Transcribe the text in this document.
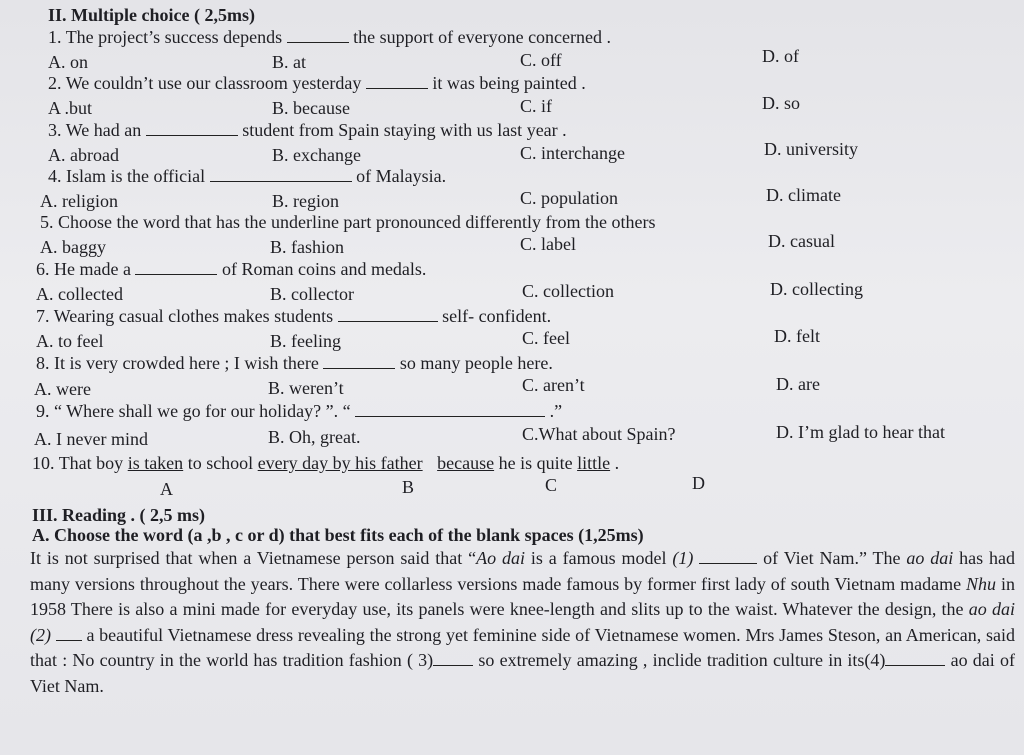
II. Multiple choice ( 2,5ms)
1. The project’s success depends	the support of everyone concerned .
A. on	B. at	C. off	D. of
2. We couldn’t use our classroom yesterday	it was being painted .
A .but	B. because	C. if	D. so
3. We had an	student from Spain staying with us last year .
A. abroad	B. exchange	C. interchange	D. university
4. Islam is the official	of Malaysia.
A. religion	B. region	C. population	D. climate
5. Choose the word that has the underline part pronounced differently from the others
A. baggy	B. fashion	C. label	D. casual
6. He made a	of Roman coins and medals.
A. collected	B. collector	C. collection	D. collecting
7. Wearing casual clothes makes students	self- confident.
A. to feel	B. feeling	C. feel	D. felt
8. It is very crowded here ; I wish there	so many people here.
A. were	B. weren’t	C. aren’t	D. are
9. “ Where shall we go for our holiday? ”. “	.”
A. I never mind	B. Oh, great.	C.What about Spain?	D. I’m glad to hear that
10. That boy is taken to school every day by his father because he is quite little .
A	B	C	D
III. Reading . ( 2,5 ms)
A. Choose the word (a ,b , c or d) that best fits each of the blank spaces (1,25ms)
It is not surprised that when a Vietnamese person said that “Ao dai is a famous model (1)	of Viet Nam.” The ao dai has had many versions throughout the years. There were collarless versions made famous by former first lady of south Vietnam madame Nhu in 1958 There is also a mini made for everyday use, its panels were knee-length and slits up to the waist. Whatever the design, the ao dai (2)  a beautiful Vietnamese dress revealing the strong yet feminine side of Vietnamese women. Mrs James Steson, an American, said that : No country in the world has tradition fashion ( 3) so extremely amazing , inclide tradition culture in its(4)	ao dai of Viet Nam.
